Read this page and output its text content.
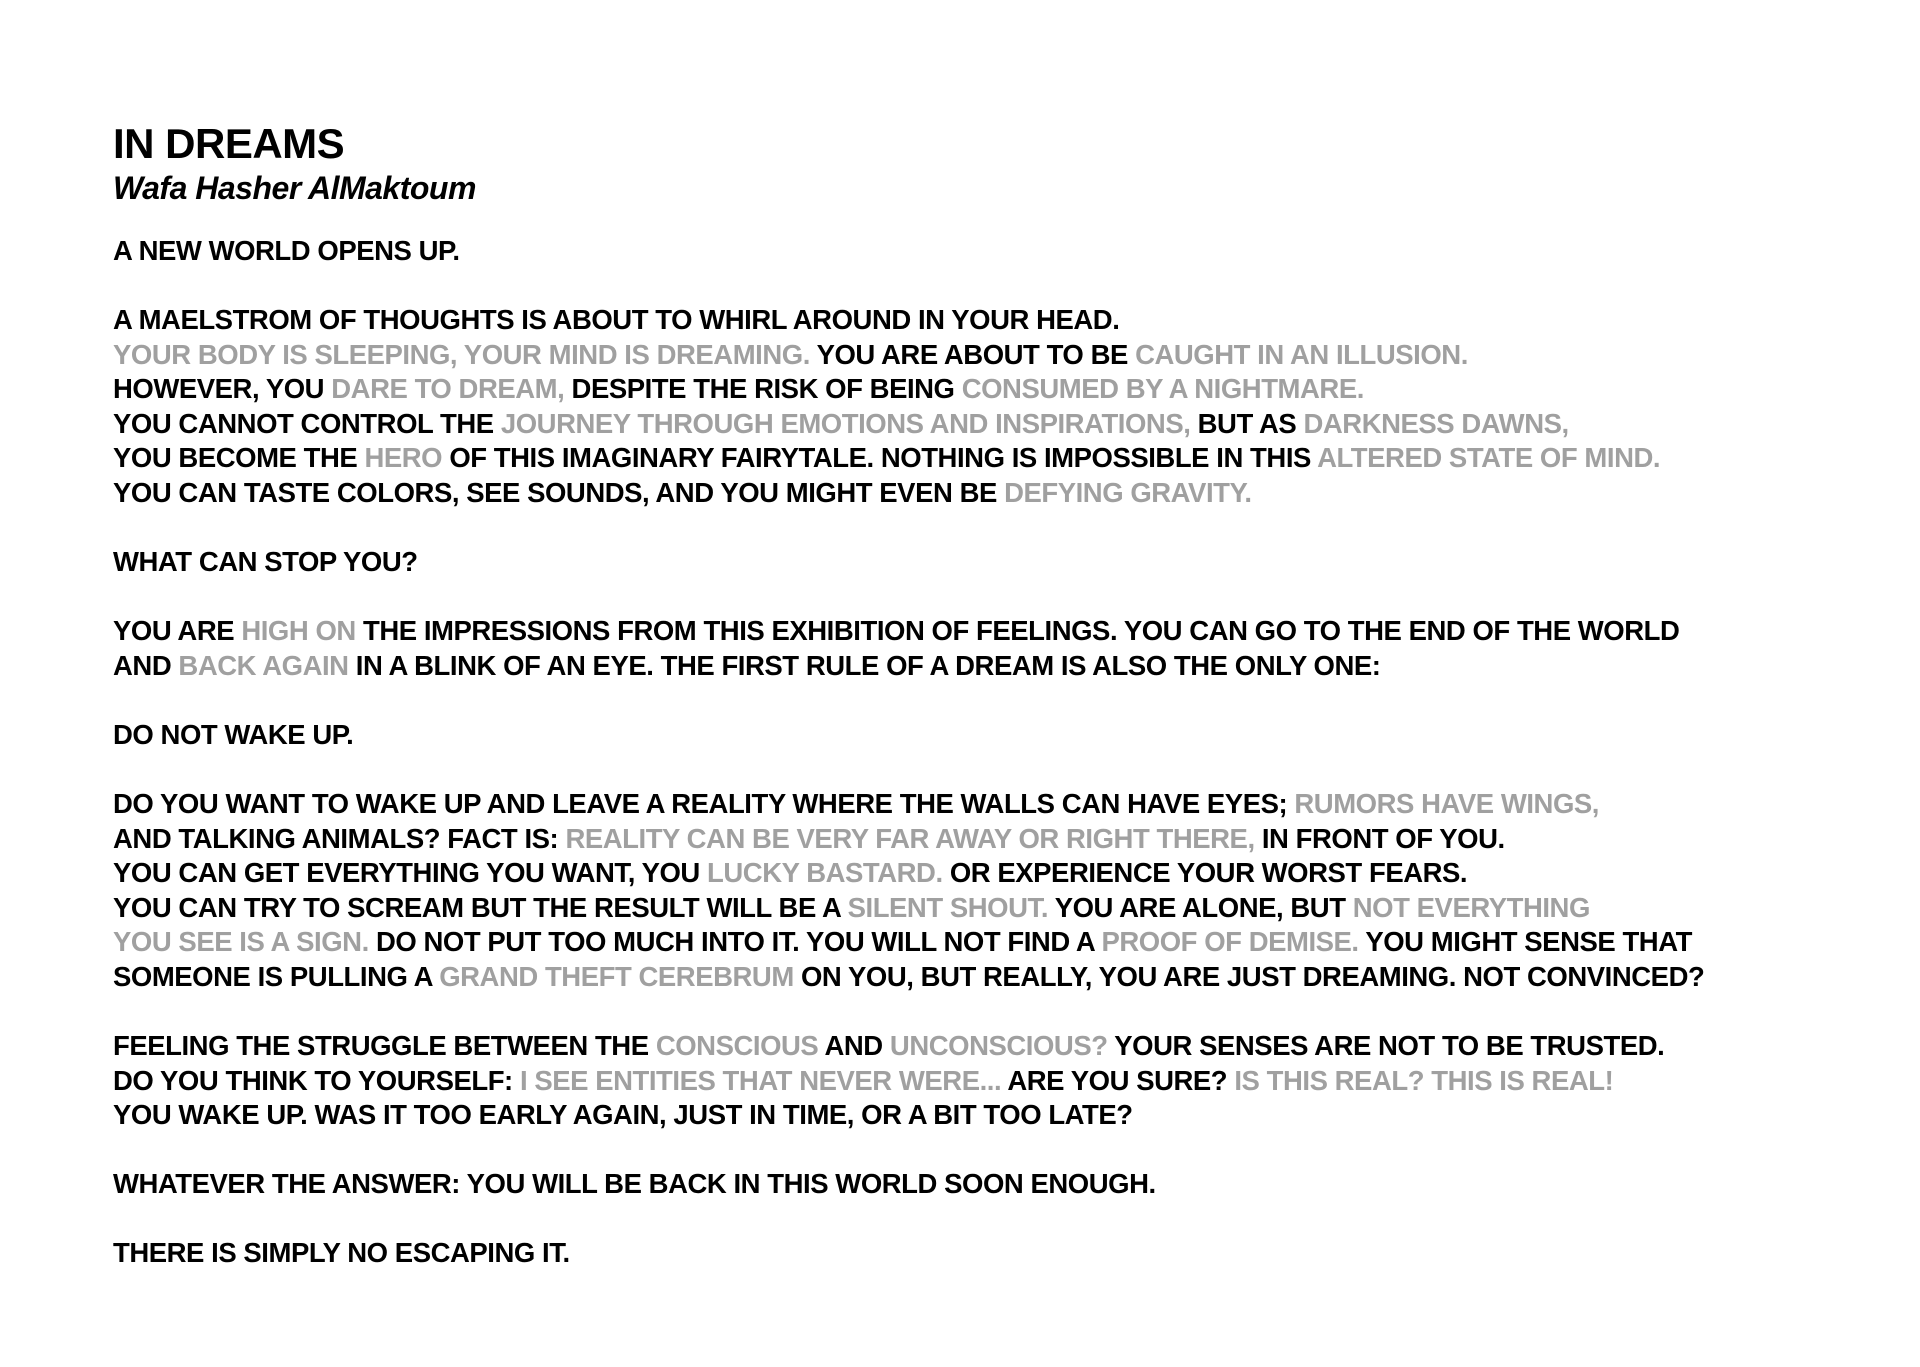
IN DREAMS
Wafa Hasher AlMaktoum
A NEW WORLD OPENS UP.
A MAELSTROM OF THOUGHTS IS ABOUT TO WHIRL AROUND IN YOUR HEAD.
YOUR BODY IS SLEEPING, YOUR MIND IS DREAMING. YOU ARE ABOUT TO BE CAUGHT IN AN ILLUSION.
HOWEVER, YOU DARE TO DREAM, DESPITE THE RISK OF BEING CONSUMED BY A NIGHTMARE.
YOU CANNOT CONTROL THE JOURNEY THROUGH EMOTIONS AND INSPIRATIONS, BUT AS DARKNESS DAWNS,
YOU BECOME THE HERO OF THIS IMAGINARY FAIRYTALE. NOTHING IS IMPOSSIBLE IN THIS ALTERED STATE OF MIND.
YOU CAN TASTE COLORS, SEE SOUNDS, AND YOU MIGHT EVEN BE DEFYING GRAVITY.
WHAT CAN STOP YOU?
YOU ARE HIGH ON THE IMPRESSIONS FROM THIS EXHIBITION OF FEELINGS. YOU CAN GO TO THE END OF THE WORLD
AND BACK AGAIN IN A BLINK OF AN EYE. THE FIRST RULE OF A DREAM IS ALSO THE ONLY ONE:
DO NOT WAKE UP.
DO YOU WANT TO WAKE UP AND LEAVE A REALITY WHERE THE WALLS CAN HAVE EYES; RUMORS HAVE WINGS,
AND TALKING ANIMALS? FACT IS: REALITY CAN BE VERY FAR AWAY OR RIGHT THERE, IN FRONT OF YOU.
YOU CAN GET EVERYTHING YOU WANT, YOU LUCKY BASTARD. OR EXPERIENCE YOUR WORST FEARS.
YOU CAN TRY TO SCREAM BUT THE RESULT WILL BE A SILENT SHOUT. YOU ARE ALONE, BUT NOT EVERYTHING
YOU SEE IS A SIGN. DO NOT PUT TOO MUCH INTO IT. YOU WILL NOT FIND A PROOF OF DEMISE. YOU MIGHT SENSE THAT
SOMEONE IS PULLING A GRAND THEFT CEREBRUM ON YOU, BUT REALLY, YOU ARE JUST DREAMING. NOT CONVINCED?
FEELING THE STRUGGLE BETWEEN THE CONSCIOUS AND UNCONSCIOUS? YOUR SENSES ARE NOT TO BE TRUSTED.
DO YOU THINK TO YOURSELF: I SEE ENTITIES THAT NEVER WERE... ARE YOU SURE? IS THIS REAL? THIS IS REAL!
YOU WAKE UP. WAS IT TOO EARLY AGAIN, JUST IN TIME, OR A BIT TOO LATE?
WHATEVER THE ANSWER: YOU WILL BE BACK IN THIS WORLD SOON ENOUGH.
THERE IS SIMPLY NO ESCAPING IT.
